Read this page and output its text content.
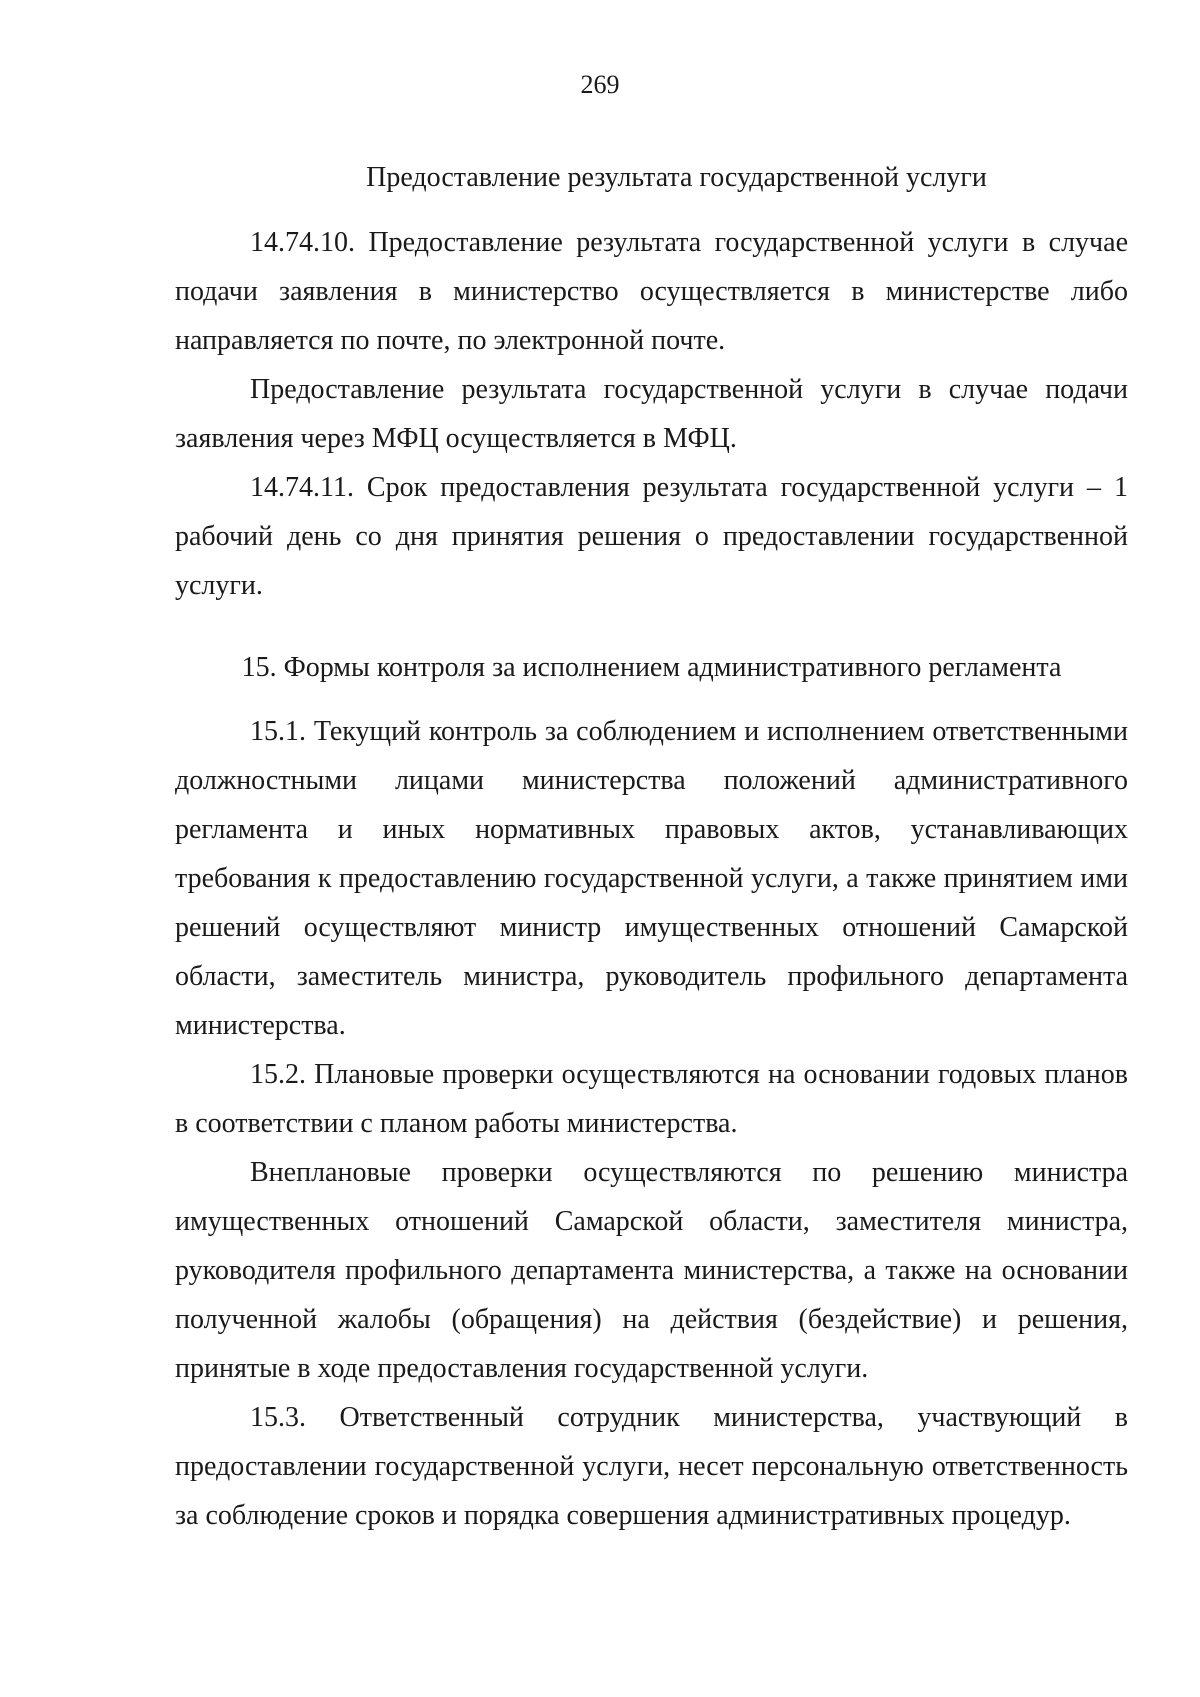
269
Предоставление результата государственной услуги

14.74.10. Предоставление результата государственной услуги в случае подачи заявления в министерство осуществляется в министерстве либо направляется по почте, по электронной почте.

Предоставление результата государственной услуги в случае подачи заявления через МФЦ осуществляется в МФЦ.

14.74.11. Срок предоставления результата государственной услуги – 1 рабочий день со дня принятия решения о предоставлении государственной услуги.

15. Формы контроля за исполнением административного регламента

15.1. Текущий контроль за соблюдением и исполнением ответственными должностными лицами министерства положений административного регламента и иных нормативных правовых актов, устанавливающих требования к предоставлению государственной услуги, а также принятием ими решений осуществляют министр имущественных отношений Самарской области, заместитель министра, руководитель профильного департамента министерства.

15.2. Плановые проверки осуществляются на основании годовых планов в соответствии с планом работы министерства.

Внеплановые проверки осуществляются по решению министра имущественных отношений Самарской области, заместителя министра, руководителя профильного департамента министерства, а также на основании полученной жалобы (обращения) на действия (бездействие) и решения, принятые в ходе предоставления государственной услуги.

15.3. Ответственный сотрудник министерства, участвующий в предоставлении государственной услуги, несет персональную ответственность за соблюдение сроков и порядка совершения административных процедур.
